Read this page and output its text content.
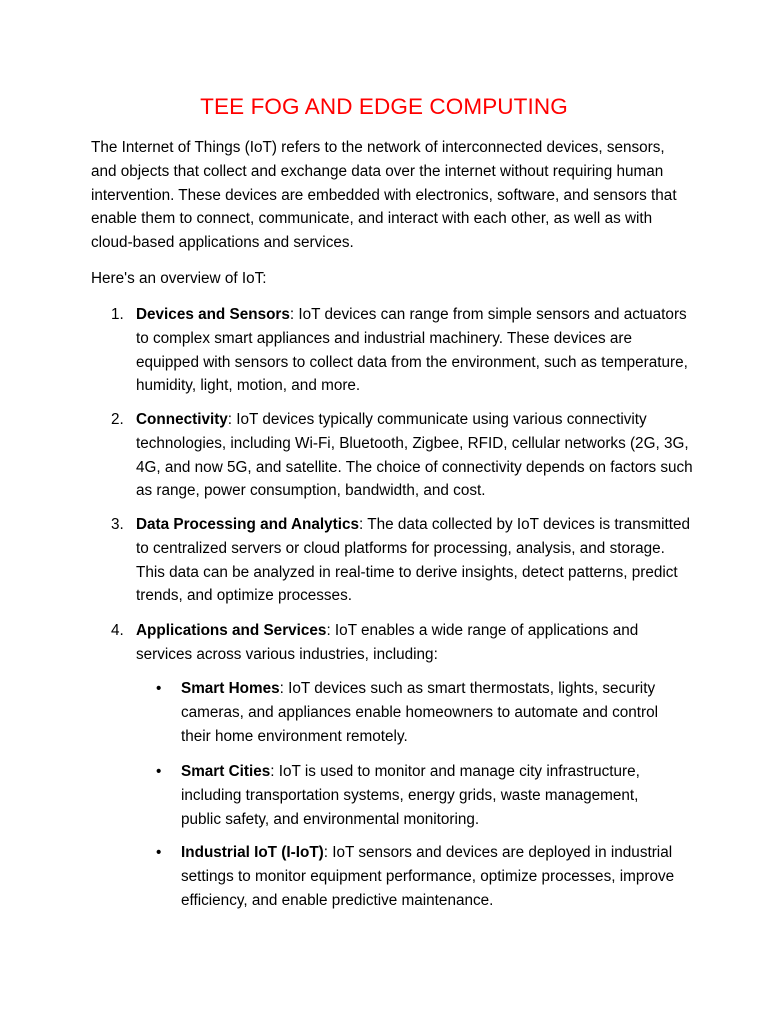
TEE FOG AND EDGE COMPUTING

The Internet of Things (IoT) refers to the network of interconnected devices, sensors, and objects that collect and exchange data over the internet without requiring human intervention. These devices are embedded with electronics, software, and sensors that enable them to connect, communicate, and interact with each other, as well as with cloud-based applications and services.

Here's an overview of IoT:

1. Devices and Sensors: IoT devices can range from simple sensors and actuators to complex smart appliances and industrial machinery. These devices are equipped with sensors to collect data from the environment, such as temperature, humidity, light, motion, and more.
2. Connectivity: IoT devices typically communicate using various connectivity technologies, including Wi-Fi, Bluetooth, Zigbee, RFID, cellular networks (2G, 3G, 4G, and now 5G, and satellite. The choice of connectivity depends on factors such as range, power consumption, bandwidth, and cost.
3. Data Processing and Analytics: The data collected by IoT devices is transmitted to centralized servers or cloud platforms for processing, analysis, and storage. This data can be analyzed in real-time to derive insights, detect patterns, predict trends, and optimize processes.
4. Applications and Services: IoT enables a wide range of applications and services across various industries, including:
• Smart Homes: IoT devices such as smart thermostats, lights, security cameras, and appliances enable homeowners to automate and control their home environment remotely.
• Smart Cities: IoT is used to monitor and manage city infrastructure, including transportation systems, energy grids, waste management, public safety, and environmental monitoring.
• Industrial IoT (I-IoT): IoT sensors and devices are deployed in industrial settings to monitor equipment performance, optimize processes, improve efficiency, and enable predictive maintenance.
